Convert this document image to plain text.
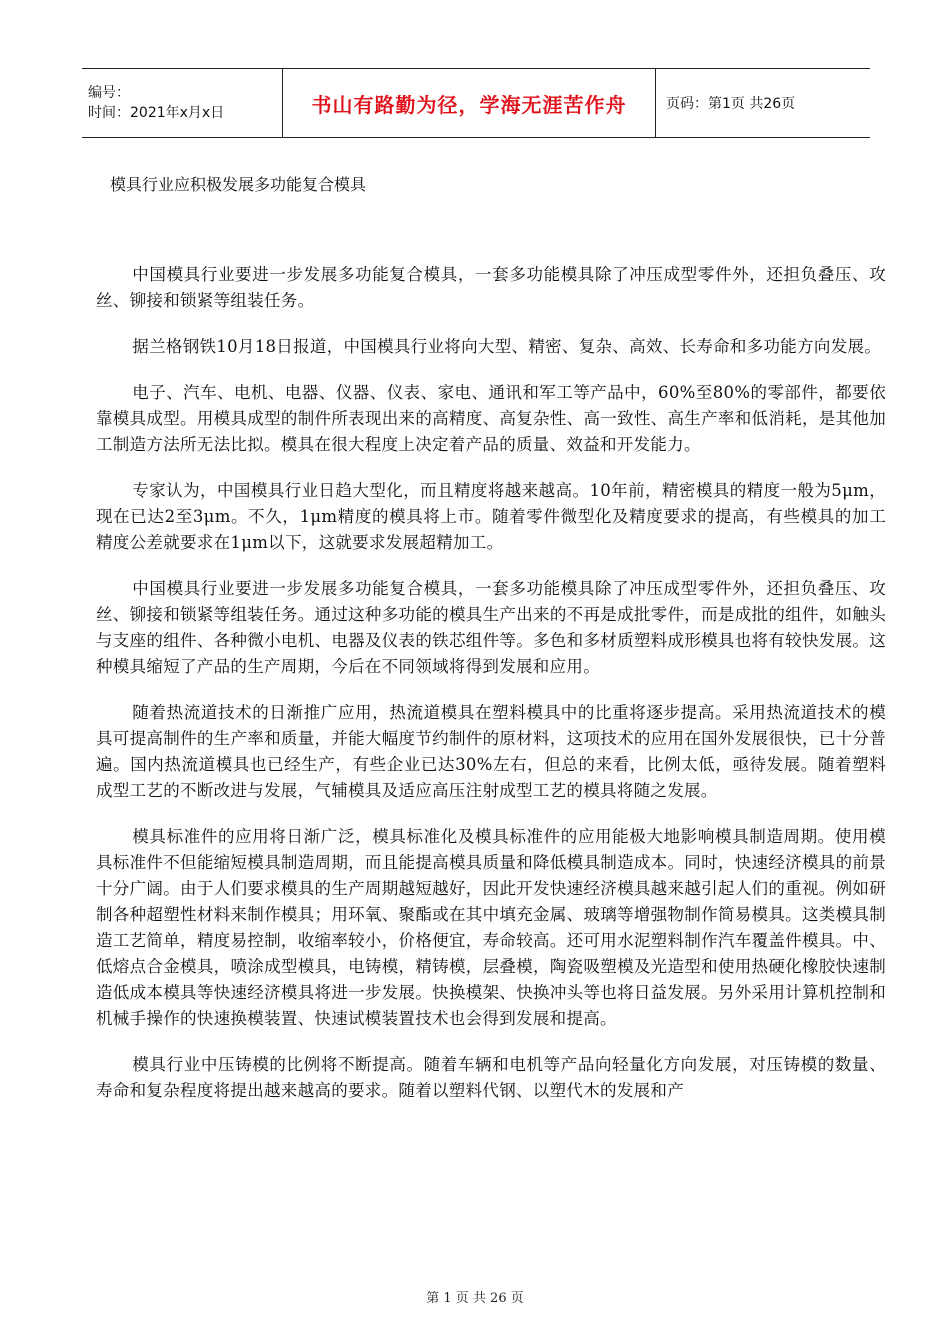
编号：
时间：2021年x月x日	书山有路勤为径，学海无涯苦作舟	页码：第1页 共26页
模具行业应积极发展多功能复合模具

中国模具行业要进一步发展多功能复合模具，一套多功能模具除了冲压成型零件外，还担负叠压、攻丝、铆接和锁紧等组装任务。

据兰格钢铁10月18日报道，中国模具行业将向大型、精密、复杂、高效、长寿命和多功能方向发展。

电子、汽车、电机、电器、仪器、仪表、家电、通讯和军工等产品中，60%至80%的零部件，都要依靠模具成型。用模具成型的制件所表现出来的高精度、高复杂性、高一致性、高生产率和低消耗，是其他加工制造方法所无法比拟。模具在很大程度上决定着产品的质量、效益和开发能力。

专家认为，中国模具行业日趋大型化，而且精度将越来越高。10年前，精密模具的精度一般为5μm，现在已达2至3μm。不久，1μm精度的模具将上市。随着零件微型化及精度要求的提高，有些模具的加工精度公差就要求在1μm以下，这就要求发展超精加工。

中国模具行业要进一步发展多功能复合模具，一套多功能模具除了冲压成型零件外，还担负叠压、攻丝、铆接和锁紧等组装任务。通过这种多功能的模具生产出来的不再是成批零件，而是成批的组件，如触头与支座的组件、各种微小电机、电器及仪表的铁芯组件等。多色和多材质塑料成形模具也将有较快发展。这种模具缩短了产品的生产周期，今后在不同领域将得到发展和应用。

随着热流道技术的日渐推广应用，热流道模具在塑料模具中的比重将逐步提高。采用热流道技术的模具可提高制件的生产率和质量，并能大幅度节约制件的原材料，这项技术的应用在国外发展很快，已十分普遍。国内热流道模具也已经生产，有些企业已达30%左右，但总的来看，比例太低，亟待发展。随着塑料成型工艺的不断改进与发展，气辅模具及适应高压注射成型工艺的模具将随之发展。

模具标准件的应用将日渐广泛，模具标准化及模具标准件的应用能极大地影响模具制造周期。使用模具标准件不但能缩短模具制造周期，而且能提高模具质量和降低模具制造成本。同时，快速经济模具的前景十分广阔。由于人们要求模具的生产周期越短越好，因此开发快速经济模具越来越引起人们的重视。例如研制各种超塑性材料来制作模具；用环氧、聚酯或在其中填充金属、玻璃等增强物制作简易模具。这类模具制造工艺简单，精度易控制，收缩率较小，价格便宜，寿命较高。还可用水泥塑料制作汽车覆盖件模具。中、低熔点合金模具，喷涂成型模具，电铸模，精铸模，层叠模，陶瓷吸塑模及光造型和使用热硬化橡胶快速制造低成本模具等快速经济模具将进一步发展。快换模架、快换冲头等也将日益发展。另外采用计算机控制和机械手操作的快速换模装置、快速试模装置技术也会得到发展和提高。

模具行业中压铸模的比例将不断提高。随着车辆和电机等产品向轻量化方向发展，对压铸模的数量、寿命和复杂程度将提出越来越高的要求。随着以塑料代钢、以塑代木的发展和产

第 1 页 共 26 页
